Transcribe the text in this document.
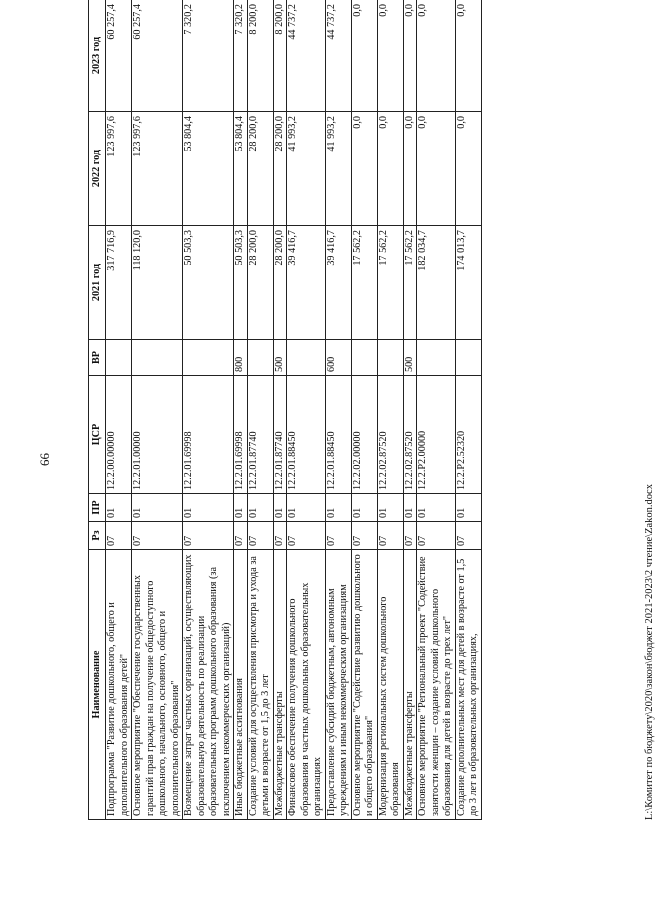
66
Наименование	Рз	ПР	ЦСР	ВР	2021 год	2022 год	2023 год
Подпрограмма "Развитие дошкольного, общего и дополнительного образования детей"	07	01	12.2.00.00000		317 716,9	123 997,6	60 257,4
Основное мероприятие "Обеспечение государственных гарантий прав граждан на получение общедоступного дошкольного, начального, основного, общего и дополнительного образования"	07	01	12.2.01.00000		118 120,0	123 997,6	60 257,4
Возмещение затрат частных организаций, осуществляющих образовательную деятельность по реализации образовательных программ дошкольного образования (за исключением некоммерческих организаций)	07	01	12.2.01.69998		50 503,3	53 804,4	7 320,2
Иные бюджетные ассигнования	07	01	12.2.01.69998	800	50 503,3	53 804,4	7 320,2
Создание условий для осуществления присмотра и ухода за детьми в возрасте от 1,5 до 3 лет	07	01	12.2.01.87740		28 200,0	28 200,0	8 200,0
Межбюджетные трансферты	07	01	12.2.01.87740	500	28 200,0	28 200,0	8 200,0
Финансовое обеспечение получения дошкольного образования в частных дошкольных образовательных организациях	07	01	12.2.01.88450		39 416,7	41 993,2	44 737,2
Предоставление субсидий бюджетным, автономным учреждениям и иным некоммерческим организациям	07	01	12.2.01.88450	600	39 416,7	41 993,2	44 737,2
Основное мероприятие "Содействие развитию дошкольного и общего образования"	07	01	12.2.02.00000		17 562,2	0,0	0,0
Модернизация региональных систем дошкольного образования	07	01	12.2.02.87520		17 562,2	0,0	0,0
Межбюджетные трансферты	07	01	12.2.02.87520	500	17 562,2	0,0	0,0
Основное мероприятие "Региональный проект "Содействие занятости женщин – создание условий дошкольного образования для детей в возрасте до трех лет"	07	01	12.2.P2.00000		182 034,7	0,0	0,0
Создание дополнительных мест для детей в возрасте от 1,5 до 3 лет в образовательных организациях,	07	01	12.2.P2.52320		174 013,7	0,0	0,0
L:\Комитет по бюджету\2020\закон\бюджет 2021-2023\2 чтение\Zakon.docx
